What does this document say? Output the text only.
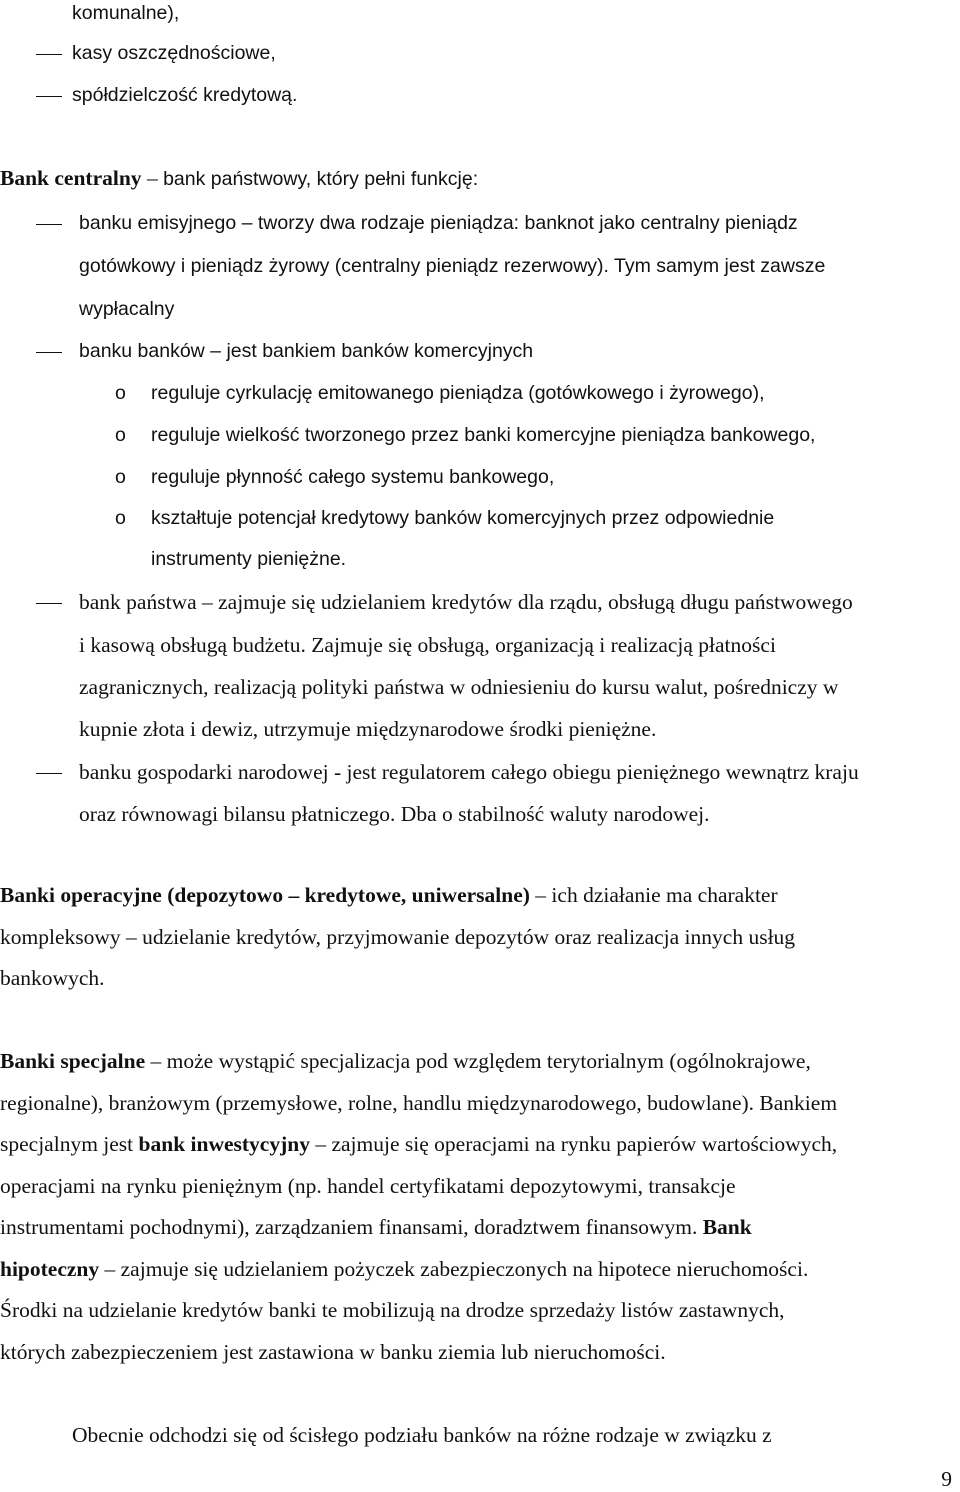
komunalne),
kasy oszczędnościowe,
spółdzielczość kredytową.
Bank centralny – bank państwowy, który pełni funkcję:
banku emisyjnego – tworzy dwa rodzaje pieniądza: banknot jako centralny pieniądz
gotówkowy i pieniądz żyrowy (centralny pieniądz rezerwowy). Tym samym jest zawsze
wypłacalny
banku banków – jest bankiem banków komercyjnych
o reguluje cyrkulację emitowanego pieniądza (gotówkowego i żyrowego),
o reguluje wielkość tworzonego przez banki komercyjne pieniądza bankowego,
o reguluje płynność całego systemu bankowego,
o kształtuje potencjał kredytowy banków komercyjnych przez odpowiednie
instrumenty pieniężne.
bank państwa – zajmuje się udzielaniem kredytów dla rządu, obsługą długu państwowego
i kasową obsługą budżetu. Zajmuje się obsługą, organizacją i realizacją płatności
zagranicznych, realizacją polityki państwa w odniesieniu do kursu walut, pośredniczy w
kupnie złota i dewiz, utrzymuje międzynarodowe środki pieniężne.
banku gospodarki narodowej - jest regulatorem całego obiegu pieniężnego wewnątrz kraju
oraz równowagi bilansu płatniczego. Dba o stabilność waluty narodowej.
Banki operacyjne (depozytowo – kredytowe, uniwersalne) – ich działanie ma charakter
kompleksowy – udzielanie kredytów, przyjmowanie depozytów oraz realizacja innych usług
bankowych.
Banki specjalne – może wystąpić specjalizacja pod względem terytorialnym (ogólnokrajowe,
regionalne), branżowym (przemysłowe, rolne, handlu międzynarodowego, budowlane). Bankiem
specjalnym jest bank inwestycyjny – zajmuje się operacjami na rynku papierów wartościowych,
operacjami na rynku pieniężnym (np. handel certyfikatami depozytowymi, transakcje
instrumentami pochodnymi), zarządzaniem finansami, doradztwem finansowym. Bank
hipoteczny – zajmuje się udzielaniem pożyczek zabezpieczonych na hipotece nieruchomości.
Środki na udzielanie kredytów banki te mobilizują na drodze sprzedaży listów zastawnych,
których zabezpieczeniem jest zastawiona w banku ziemia lub nieruchomości.
Obecnie odchodzi się od ścisłego podziału banków na różne rodzaje w związku z
9
